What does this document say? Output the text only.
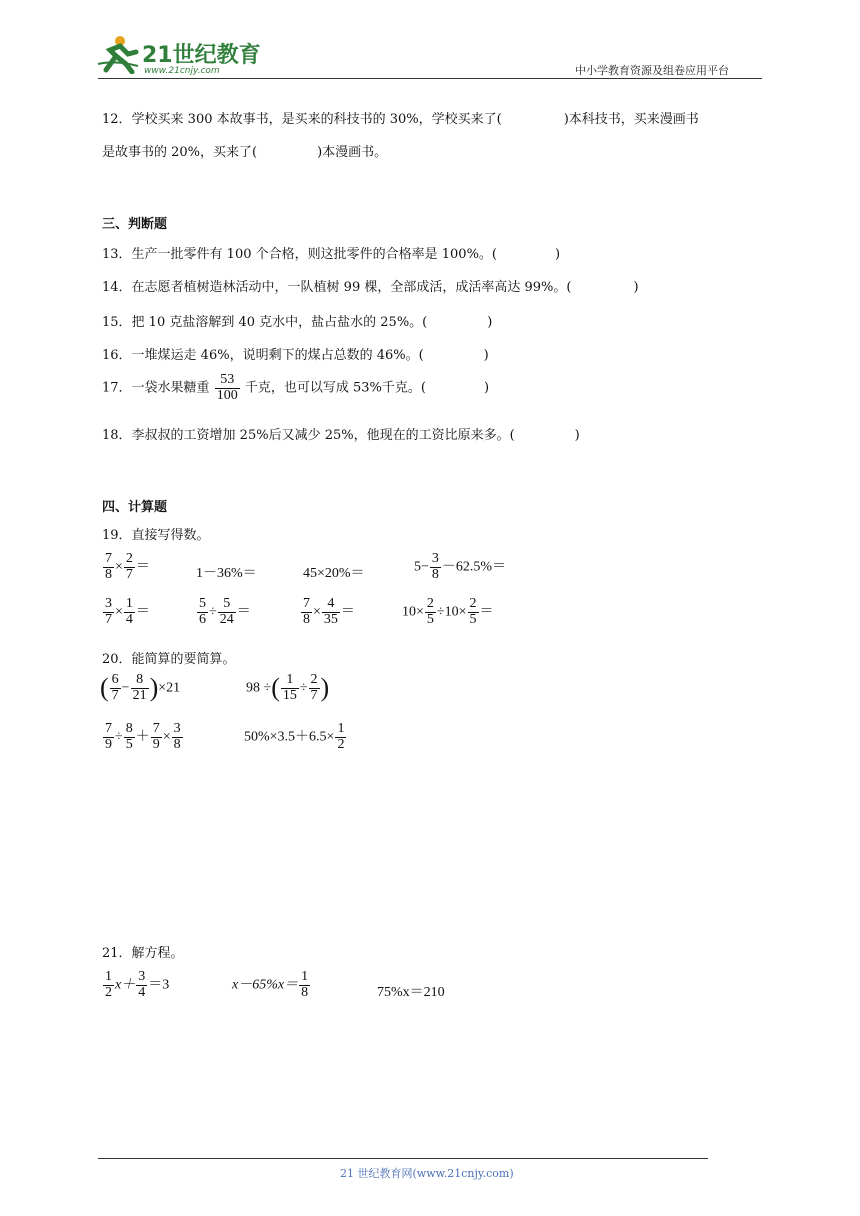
21世纪教育
www.21cnjy.com	中小学教育资源及组卷应用平台
12．学校买来 300 本故事书，是买来的科技书的 30%，学校买来了(	)本科技书，买来漫画书
是故事书的 20%，买来了(	)本漫画书。
三、判断题
13．生产一批零件有 100 个合格，则这批零件的合格率是 100%。(	)
14．在志愿者植树造林活动中，一队植树 99 棵，全部成活，成活率高达 99%。(	)
15．把 10 克盐溶解到 40 克水中，盐占盐水的 25%。(	)
16．一堆煤运走 46%，说明剩下的煤占总数的 46%。(	)
17．一袋水果糖重 $\frac{53}{100}$ 千克，也可以写成 53%千克。(	)
18．李叔叔的工资增加 25%后又减少 25%，他现在的工资比原来多。(	)
四、计算题
19．直接写得数。
$\frac{7}{8} \times \frac{2}{7}$ ＝	1－36%＝	45×20%＝	$5- \frac{3}{8} -62.5\%=$
$\frac{3}{7} \times \frac{1}{4}$ ＝	$\frac{5}{6} \div \frac{5}{24}$ ＝	$\frac{7}{8} \times \frac{4}{35}$ ＝	$10\times \frac{2}{5} \div 10\times \frac{2}{5}$ ＝
20．能简算的要简算。
( $\frac{6}{7} - \frac{8}{21} )\times 21$	98 ÷( $\frac{1}{15} \div \frac{2}{7}$ )
$\frac{7}{9} \div \frac{8}{5} + \frac{7}{9} \times \frac{3}{8}$	$50\%\times 3.5+6.5\times \frac{1}{2}$
21．解方程。
$\frac{1}{2} x+ \frac{3}{4} =3$	$x-65\%x= \frac{1}{8}$	75%x＝210
21 世纪教育网(www.21cnjy.com)
